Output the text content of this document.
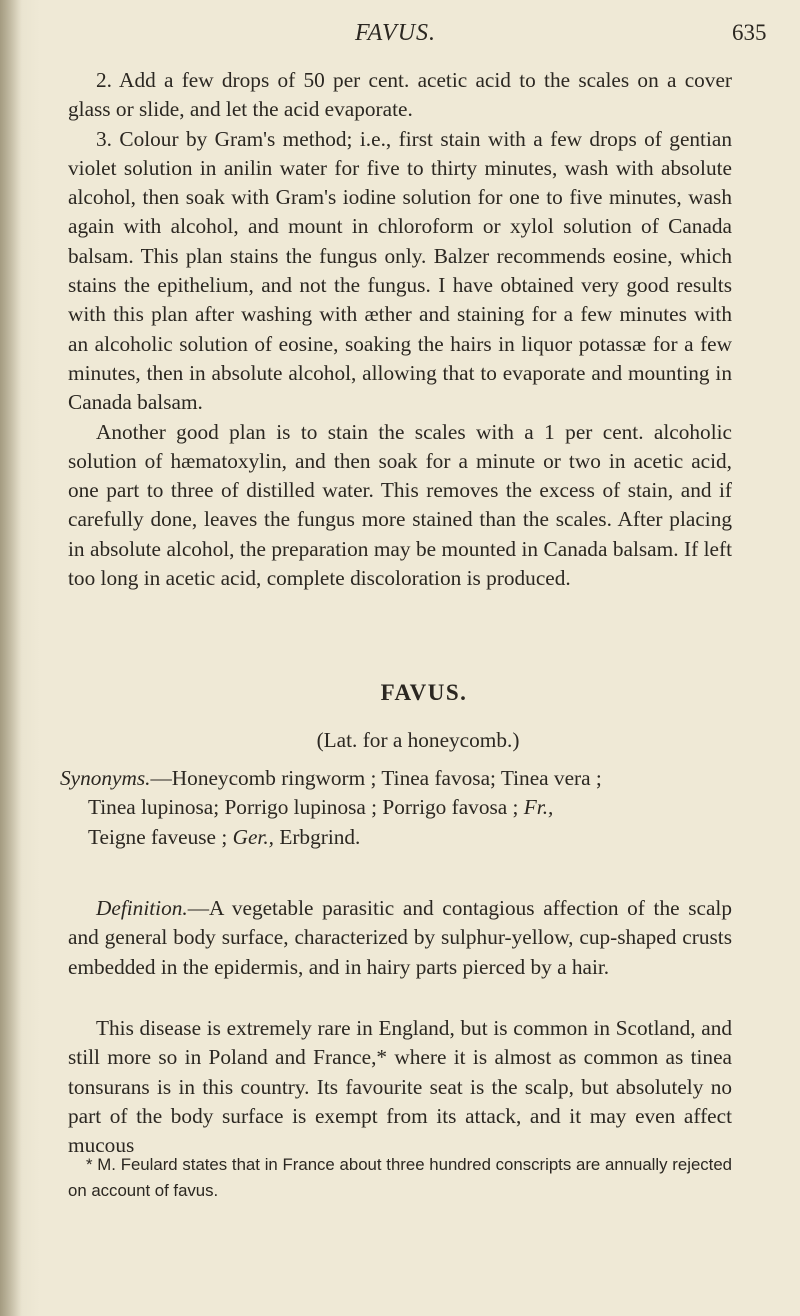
FAVUS.	635

2. Add a few drops of 50 per cent. acetic acid to the scales on a cover glass or slide, and let the acid evaporate.

3. Colour by Gram's method; i.e., first stain with a few drops of gentian violet solution in anilin water for five to thirty minutes, wash with absolute alcohol, then soak with Gram's iodine solution for one to five minutes, wash again with alcohol, and mount in chloroform or xylol solution of Canada balsam. This plan stains the fungus only. Balzer recommends eosine, which stains the epithelium, and not the fungus. I have obtained very good results with this plan after washing with æther and staining for a few minutes with an alcoholic solution of eosine, soaking the hairs in liquor potassæ for a few minutes, then in absolute alcohol, allowing that to evaporate and mounting in Canada balsam.

Another good plan is to stain the scales with a 1 per cent. alcoholic solution of hæmatoxylin, and then soak for a minute or two in acetic acid, one part to three of distilled water. This removes the excess of stain, and if carefully done, leaves the fungus more stained than the scales. After placing in absolute alcohol, the preparation may be mounted in Canada balsam. If left too long in acetic acid, complete discoloration is produced.

FAVUS.
(Lat. for a honeycomb.)
Synonyms.—Honeycomb ringworm ; Tinea favosa; Tinea vera ;
Tinea lupinosa; Porrigo lupinosa ; Porrigo favosa ; Fr.,
Teigne faveuse ; Ger., Erbgrind.

Definition.—A vegetable parasitic and contagious affection of the scalp and general body surface, characterized by sulphur-yellow, cup-shaped crusts embedded in the epidermis, and in hairy parts pierced by a hair.

This disease is extremely rare in England, but is common in Scotland, and still more so in Poland and France,* where it is almost as common as tinea tonsurans is in this country. Its favourite seat is the scalp, but absolutely no part of the body surface is exempt from its attack, and it may even affect mucous

* M. Feulard states that in France about three hundred conscripts are annually rejected on account of favus.
